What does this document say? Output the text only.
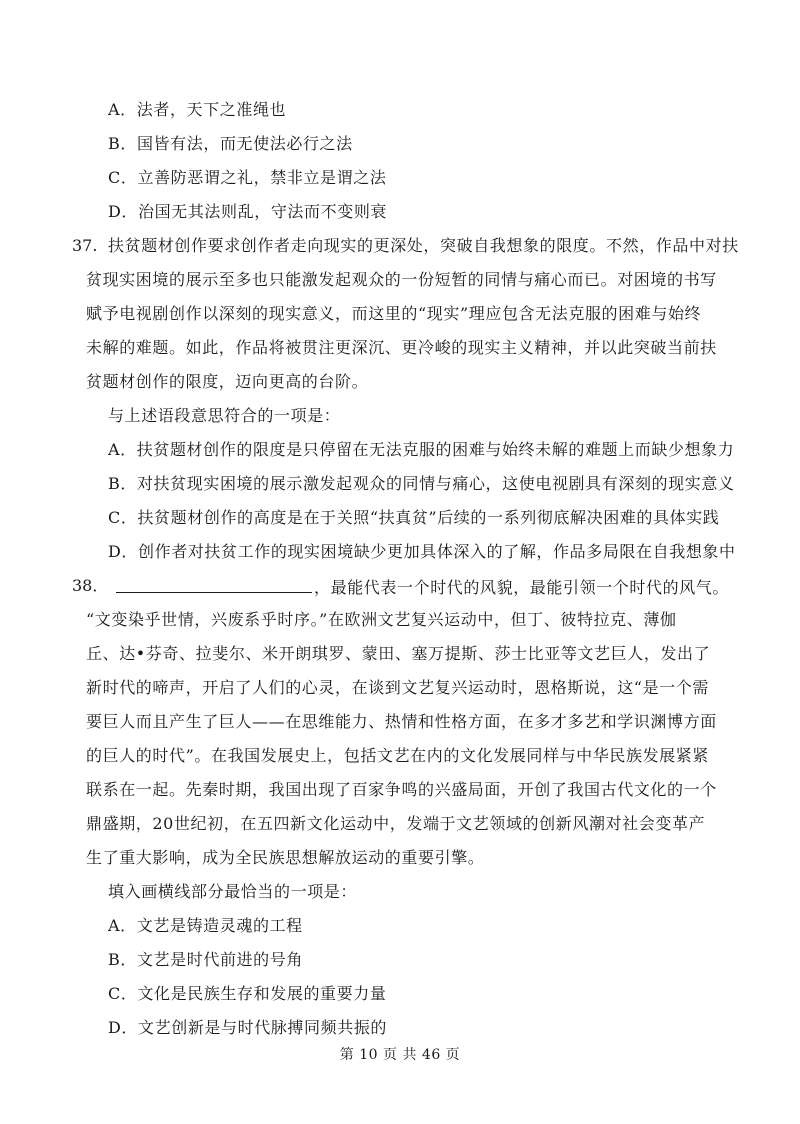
A．法者，天下之准绳也
B．国皆有法，而无使法必行之法
C．立善防恶谓之礼，禁非立是谓之法
D．治国无其法则乱，守法而不变则衰
37. 扶贫题材创作要求创作者走向现实的更深处，突破自我想象的限度。不然，作品中对扶
贫现实困境的展示至多也只能激发起观众的一份短暂的同情与痛心而已。对困境的书写
赋予电视剧创作以深刻的现实意义，而这里的“现实”理应包含无法克服的困难与始终
未解的难题。如此，作品将被贯注更深沉、更冷峻的现实主义精神，并以此突破当前扶
贫题材创作的限度，迈向更高的台阶。
与上述语段意思符合的一项是：
A．扶贫题材创作的限度是只停留在无法克服的困难与始终未解的难题上而缺少想象力
B．对扶贫现实困境的展示激发起观众的同情与痛心，这使电视剧具有深刻的现实意义
C．扶贫题材创作的高度是在于关照“扶真贫”后续的一系列彻底解决困难的具体实践
D．创作者对扶贫工作的现实困境缺少更加具体深入的了解，作品多局限在自我想象中
38．	，最能代表一个时代的风貌，最能引领一个时代的风气。
“文变染乎世情，兴废系乎时序。”在欧洲文艺复兴运动中，但丁、彼特拉克、薄伽
丘、达•芬奇、拉斐尔、米开朗琪罗、蒙田、塞万提斯、莎士比亚等文艺巨人，发出了
新时代的啼声，开启了人们的心灵，在谈到文艺复兴运动时，恩格斯说，这“是一个需
要巨人而且产生了巨人——在思维能力、热情和性格方面，在多才多艺和学识渊博方面
的巨人的时代”。在我国发展史上，包括文艺在内的文化发展同样与中华民族发展紧紧
联系在一起。先秦时期，我国出现了百家争鸣的兴盛局面，开创了我国古代文化的一个
鼎盛期，20世纪初，在五四新文化运动中，发端于文艺领域的创新风潮对社会变革产
生了重大影响，成为全民族思想解放运动的重要引擎。
填入画横线部分最恰当的一项是：
A．文艺是铸造灵魂的工程
B．文艺是时代前进的号角
C．文化是民族生存和发展的重要力量
D．文艺创新是与时代脉搏同频共振的
第 10 页 共 46 页
